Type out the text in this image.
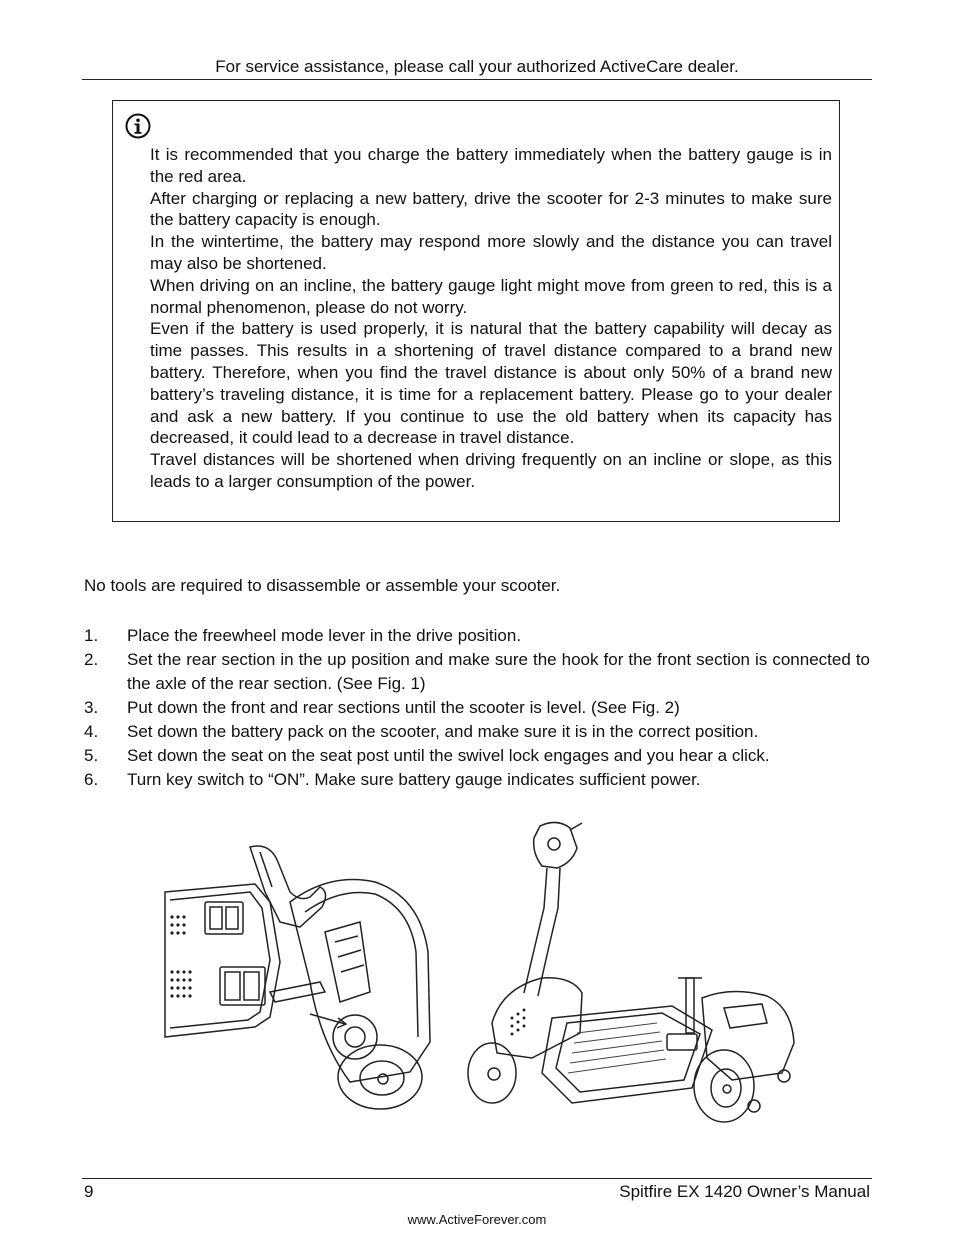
For service assistance, please call your authorized ActiveCare dealer.

It is recommended that you charge the battery immediately when the battery gauge is in the red area.

After charging or replacing a new battery, drive the scooter for 2-3 minutes to make sure the battery capacity is enough.

In the wintertime, the battery may respond more slowly and the distance you can travel may also be shortened.

When driving on an incline, the battery gauge light might move from green to red, this is a normal phenomenon, please do not worry.

Even if the battery is used properly, it is natural that the battery capability will decay as time passes. This results in a shortening of travel distance compared to a brand new battery. Therefore, when you find the travel distance is about only 50% of a brand new battery’s traveling distance, it is time for a replacement battery. Please go to your dealer and ask a new battery. If you continue to use the old battery when its capacity has decreased, it could lead to a decrease in travel distance.

Travel distances will be shortened when driving frequently on an incline or slope, as this leads to a larger consumption of the power.

No tools are required to disassemble or assemble your scooter.

1. Place the freewheel mode lever in the drive position.
2. Set the rear section in the up position and make sure the hook for the front section is connected to the axle of the rear section. (See Fig. 1)
3. Put down the front and rear sections until the scooter is level. (See Fig. 2)
4. Set down the battery pack on the scooter, and make sure it is in the correct position.
5. Set down the seat on the seat post until the swivel lock engages and you hear a click.
6. Turn key switch to “ON”. Make sure battery gauge indicates sufficient power.
9	Spitfire EX 1420 Owner’s Manual
www.ActiveForever.com
